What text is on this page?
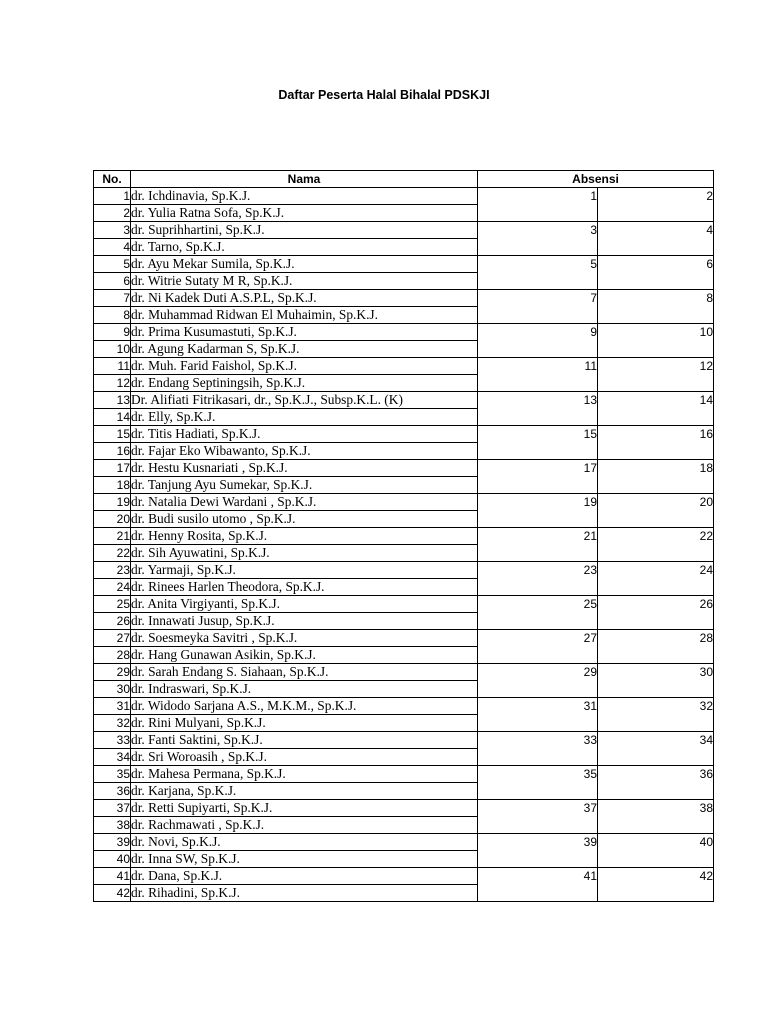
Daftar Peserta Halal Bihalal PDSKJI
No.	Nama	Absensi	
1	dr. Ichdinavia, Sp.K.J.	1	2
2	dr. Yulia Ratna Sofa, Sp.K.J.		
3	dr. Suprihhartini, Sp.K.J.	3	4
4	dr. Tarno, Sp.K.J.		
5	dr. Ayu Mekar Sumila, Sp.K.J.	5	6
6	dr. Witrie Sutaty M R, Sp.K.J.		
7	dr. Ni Kadek Duti A.S.P.L, Sp.K.J.	7	8
8	dr. Muhammad Ridwan El Muhaimin, Sp.K.J.		
9	dr. Prima Kusumastuti, Sp.K.J.	9	10
10	dr. Agung Kadarman S, Sp.K.J.		
11	dr. Muh. Farid Faishol, Sp.K.J.	11	12
12	dr. Endang Septiningsih, Sp.K.J.		
13	Dr. Alifiati Fitrikasari, dr., Sp.K.J., Subsp.K.L. (K)	13	14
14	dr. Elly, Sp.K.J.		
15	dr. Titis Hadiati, Sp.K.J.	15	16
16	dr. Fajar Eko Wibawanto, Sp.K.J.		
17	dr. Hestu Kusnariati , Sp.K.J.	17	18
18	dr. Tanjung Ayu Sumekar, Sp.K.J.		
19	dr. Natalia Dewi Wardani , Sp.K.J.	19	20
20	dr. Budi susilo utomo , Sp.K.J.		
21	dr. Henny Rosita, Sp.K.J.	21	22
22	dr. Sih Ayuwatini, Sp.K.J.		
23	dr. Yarmaji, Sp.K.J.	23	24
24	dr. Rinees Harlen Theodora, Sp.K.J.		
25	dr. Anita Virgiyanti, Sp.K.J.	25	26
26	dr. Innawati Jusup, Sp.K.J.		
27	dr. Soesmeyka Savitri , Sp.K.J.	27	28
28	dr. Hang Gunawan Asikin, Sp.K.J.		
29	dr. Sarah Endang S. Siahaan, Sp.K.J.	29	30
30	dr. Indraswari, Sp.K.J.		
31	dr. Widodo Sarjana A.S., M.K.M., Sp.K.J.	31	32
32	dr. Rini Mulyani, Sp.K.J.		
33	dr. Fanti Saktini, Sp.K.J.	33	34
34	dr. Sri Woroasih , Sp.K.J.		
35	dr. Mahesa Permana, Sp.K.J.	35	36
36	dr. Karjana, Sp.K.J.		
37	dr. Retti Supiyarti, Sp.K.J.	37	38
38	dr. Rachmawati , Sp.K.J.		
39	dr. Novi, Sp.K.J.	39	40
40	dr. Inna SW, Sp.K.J.		
41	dr. Dana, Sp.K.J.	41	42
42	dr. Rihadini, Sp.K.J.		
